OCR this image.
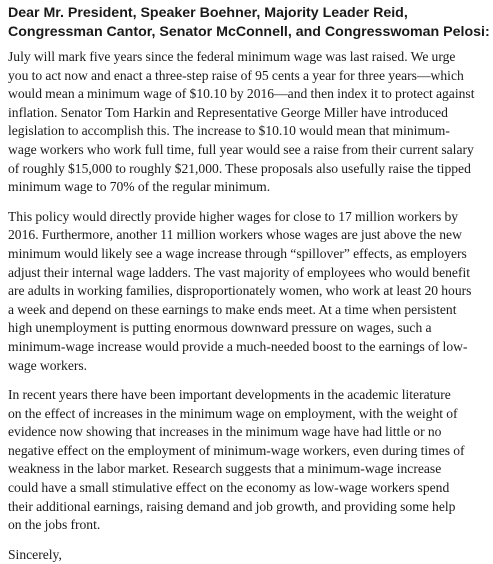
Dear Mr. President, Speaker Boehner, Majority Leader Reid,
Congressman Cantor, Senator McConnell, and Congresswoman Pelosi:
July will mark five years since the federal minimum wage was last raised. We urge
you to act now and enact a three-step raise of 95 cents a year for three years—which
would mean a minimum wage of $10.10 by 2016—and then index it to protect against
inflation. Senator Tom Harkin and Representative George Miller have introduced
legislation to accomplish this. The increase to $10.10 would mean that minimum-
wage workers who work full time, full year would see a raise from their current salary
of roughly $15,000 to roughly $21,000. These proposals also usefully raise the tipped
minimum wage to 70% of the regular minimum.
This policy would directly provide higher wages for close to 17 million workers by
2016. Furthermore, another 11 million workers whose wages are just above the new
minimum would likely see a wage increase through “spillover” effects, as employers
adjust their internal wage ladders. The vast majority of employees who would benefit
are adults in working families, disproportionately women, who work at least 20 hours
a week and depend on these earnings to make ends meet. At a time when persistent
high unemployment is putting enormous downward pressure on wages, such a
minimum-wage increase would provide a much-needed boost to the earnings of low-
wage workers.
In recent years there have been important developments in the academic literature
on the effect of increases in the minimum wage on employment, with the weight of
evidence now showing that increases in the minimum wage have had little or no
negative effect on the employment of minimum-wage workers, even during times of
weakness in the labor market. Research suggests that a minimum-wage increase
could have a small stimulative effect on the economy as low-wage workers spend
their additional earnings, raising demand and job growth, and providing some help
on the jobs front.
Sincerely,
